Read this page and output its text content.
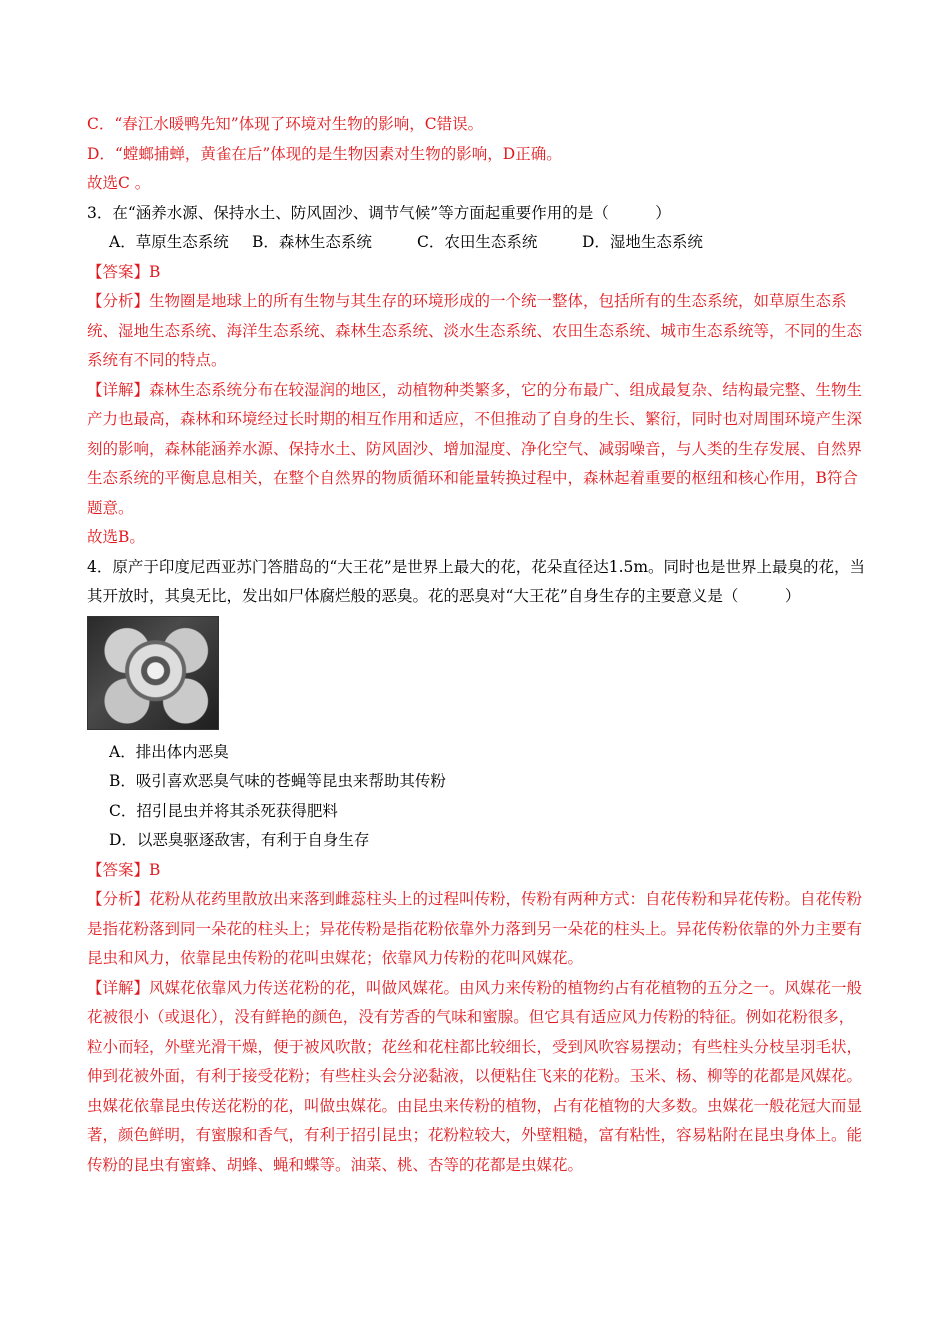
C．“春江水暖鸭先知”体现了环境对生物的影响，C错误。

D．“螳螂捕蝉，黄雀在后”体现的是生物因素对生物的影响，D正确。

故选C 。

3．在“涵养水源、保持水土、防风固沙、调节气候”等方面起重要作用的是（　　　）

A．草原生态系统	B．森林生态系统	C．农田生态系统	D．湿地生态系统

【答案】B

【分析】生物圈是地球上的所有生物与其生存的环境形成的一个统一整体，包括所有的生态系统，如草原生态系统、湿地生态系统、海洋生态系统、森林生态系统、淡水生态系统、农田生态系统、城市生态系统等，不同的生态系统有不同的特点。

【详解】森林生态系统分布在较湿润的地区，动植物种类繁多，它的分布最广、组成最复杂、结构最完整、生物生产力也最高，森林和环境经过长时期的相互作用和适应，不但推动了自身的生长、繁衍，同时也对周围环境产生深刻的影响，森林能涵养水源、保持水土、防风固沙、增加湿度、净化空气、减弱噪音，与人类的生存发展、自然界生态系统的平衡息息相关，在整个自然界的物质循环和能量转换过程中，森林起着重要的枢纽和核心作用，B符合题意。

故选B。

4．原产于印度尼西亚苏门答腊岛的“大王花”是世界上最大的花，花朵直径达1.5m。同时也是世界上最臭的花，当其开放时，其臭无比，发出如尸体腐烂般的恶臭。花的恶臭对“大王花”自身生存的主要意义是（　　　）

A．排出体内恶臭

B．吸引喜欢恶臭气味的苍蝇等昆虫来帮助其传粉

C．招引昆虫并将其杀死获得肥料

D．以恶臭驱逐敌害，有利于自身生存

【答案】B

【分析】花粉从花药里散放出来落到雌蕊柱头上的过程叫传粉，传粉有两种方式：自花传粉和异花传粉。自花传粉是指花粉落到同一朵花的柱头上；异花传粉是指花粉依靠外力落到另一朵花的柱头上。异花传粉依靠的外力主要有昆虫和风力，依靠昆虫传粉的花叫虫媒花；依靠风力传粉的花叫风媒花。

【详解】风媒花依靠风力传送花粉的花，叫做风媒花。由风力来传粉的植物约占有花植物的五分之一。风媒花一般花被很小（或退化），没有鲜艳的颜色，没有芳香的气味和蜜腺。但它具有适应风力传粉的特征。例如花粉很多，粒小而轻，外壁光滑干燥，便于被风吹散；花丝和花柱都比较细长，受到风吹容易摆动；有些柱头分枝呈羽毛状，伸到花被外面，有利于接受花粉；有些柱头会分泌黏液，以便粘住飞来的花粉。玉米、杨、柳等的花都是风媒花。

虫媒花依靠昆虫传送花粉的花，叫做虫媒花。由昆虫来传粉的植物，占有花植物的大多数。虫媒花一般花冠大而显著，颜色鲜明，有蜜腺和香气，有利于招引昆虫；花粉粒较大，外壁粗糙，富有粘性，容易粘附在昆虫身体上。能传粉的昆虫有蜜蜂、胡蜂、蝇和蝶等。油菜、桃、杏等的花都是虫媒花。
